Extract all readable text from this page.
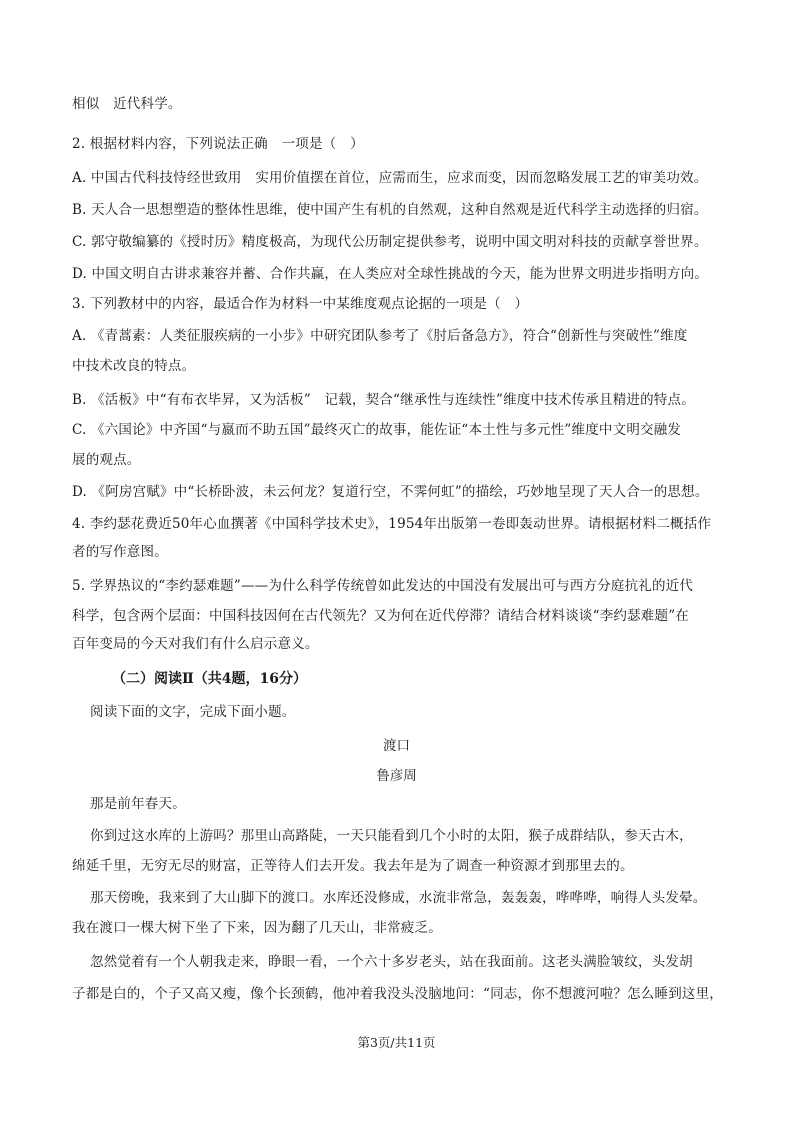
相似　近代科学。
2. 根据材料内容，下列说法正确　一项是（　）
A. 中国古代科技恃经世致用　实用价值摆在首位，应需而生，应求而变，因而忽略发展工艺的审美功效。
B. 天人合一思想塑造的整体性思维，使中国产生有机的自然观，这种自然观是近代科学主动选择的归宿。
C. 郭守敬编纂的《授时历》精度极高，为现代公历制定提供参考，说明中国文明对科技的贡献享誉世界。
D. 中国文明自古讲求兼容并蓄、合作共赢，在人类应对全球性挑战的今天，能为世界文明进步指明方向。
3. 下列教材中的内容，最适合作为材料一中某维度观点论据的一项是（　）
A. 《青蒿素：人类征服疾病的一小步》中研究团队参考了《肘后备急方》，符合“创新性与突破性”维度
中技术改良的特点。
B. 《活板》中“有布衣毕昇，又为活板”　记载，契合“继承性与连续性”维度中技术传承且精进的特点。
C. 《六国论》中齐国“与嬴而不助五国”最终灭亡的故事，能佐证“本土性与多元性”维度中文明交融发
展的观点。
D. 《阿房宫赋》中“长桥卧波，未云何龙？复道行空，不霁何虹”的描绘，巧妙地呈现了天人合一的思想。
4. 李约瑟花费近50年心血撰著《中国科学技术史》，1954年出版第一卷即轰动世界。请根据材料二概括作
者的写作意图。
5. 学界热议的“李约瑟难题”——为什么科学传统曾如此发达的中国没有发展出可与西方分庭抗礼的近代
科学，包含两个层面：中国科技因何在古代领先？又为何在近代停滞？请结合材料谈谈“李约瑟难题”在
百年变局的今天对我们有什么启示意义。
（二）阅读Ⅱ（共4题，16分）
阅读下面的文字，完成下面小题。
渡口
鲁彦周
那是前年春天。
你到过这水库的上游吗？那里山高路陡，一天只能看到几个小时的太阳，猴子成群结队，参天古木，
绵延千里，无穷无尽的财富，正等待人们去开发。我去年是为了调查一种资源才到那里去的。
那天傍晚，我来到了大山脚下的渡口。水库还没修成，水流非常急，轰轰轰，哗哗哗，响得人头发晕。
我在渡口一棵大树下坐了下来，因为翻了几天山，非常疲乏。
忽然觉着有一个人朝我走来，睁眼一看，一个六十多岁老头，站在我面前。这老头满脸皱纹，头发胡
子都是白的，个子又高又瘦，像个长颈鹤，他冲着我没头没脑地问：“同志，你不想渡河啦？怎么睡到这里，
第3页/共11页
